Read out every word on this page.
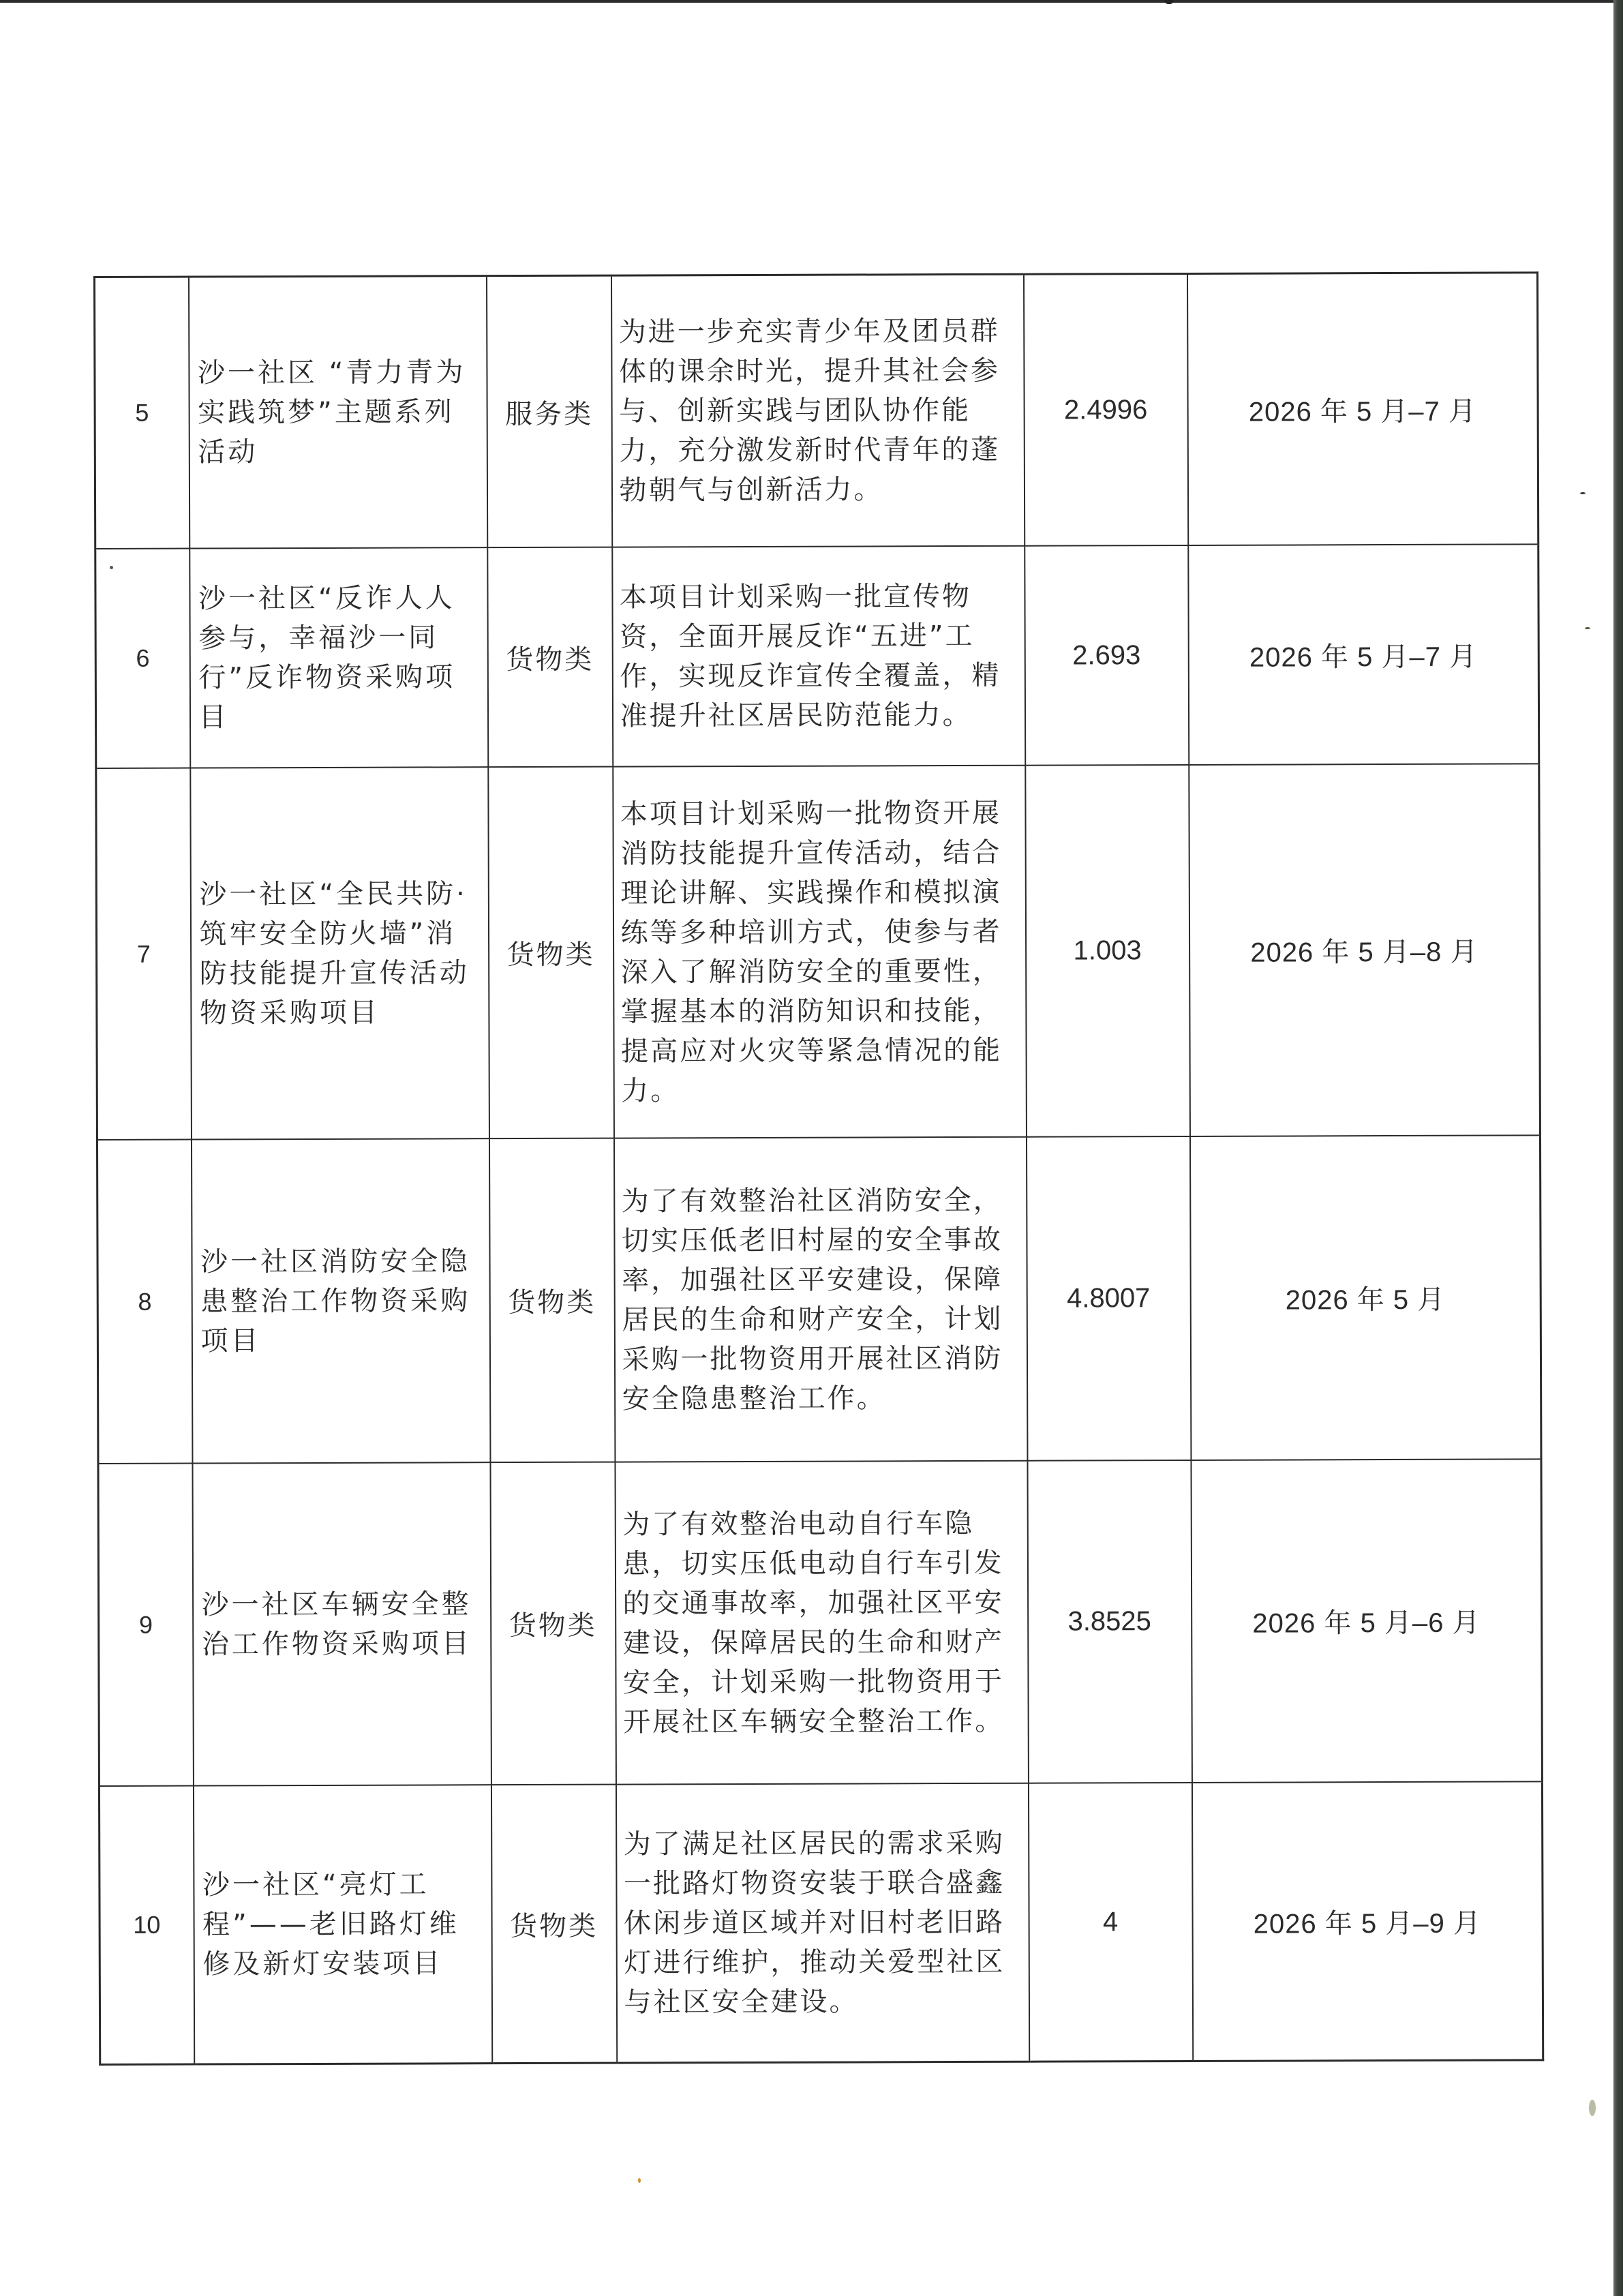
5	沙一社区 “青力青为实践筑梦”主题系列活动	服务类	为进一步充实青少年及团员群体的课余时光，提升其社会参与、创新实践与团队协作能力，充分激发新时代青年的蓬勃朝气与创新活力。	2.4996	2026 年 5 月–7 月
6	沙一社区“反诈人人参与，幸福沙一同行”反诈物资采购项目	货物类	本项目计划采购一批宣传物资，全面开展反诈“五进”工作，实现反诈宣传全覆盖，精准提升社区居民防范能力。	2.693	2026 年 5 月–7 月
7	沙一社区“全民共防·筑牢安全防火墙”消防技能提升宣传活动物资采购项目	货物类	本项目计划采购一批物资开展消防技能提升宣传活动，结合理论讲解、实践操作和模拟演练等多种培训方式，使参与者深入了解消防安全的重要性，掌握基本的消防知识和技能，提高应对火灾等紧急情况的能力。	1.003	2026 年 5 月–8 月
8	沙一社区消防安全隐患整治工作物资采购项目	货物类	为了有效整治社区消防安全，切实压低老旧村屋的安全事故率，加强社区平安建设，保障居民的生命和财产安全，计划采购一批物资用开展社区消防安全隐患整治工作。	4.8007	2026 年 5 月
9	沙一社区车辆安全整治工作物资采购项目	货物类	为了有效整治电动自行车隐患，切实压低电动自行车引发的交通事故率，加强社区平安建设，保障居民的生命和财产安全，计划采购一批物资用于开展社区车辆安全整治工作。	3.8525	2026 年 5 月–6 月
10	沙一社区“亮灯工程”——老旧路灯维修及新灯安装项目	货物类	为了满足社区居民的需求采购一批路灯物资安装于联合盛鑫休闲步道区域并对旧村老旧路灯进行维护，推动关爱型社区与社区安全建设。	4	2026 年 5 月–9 月
